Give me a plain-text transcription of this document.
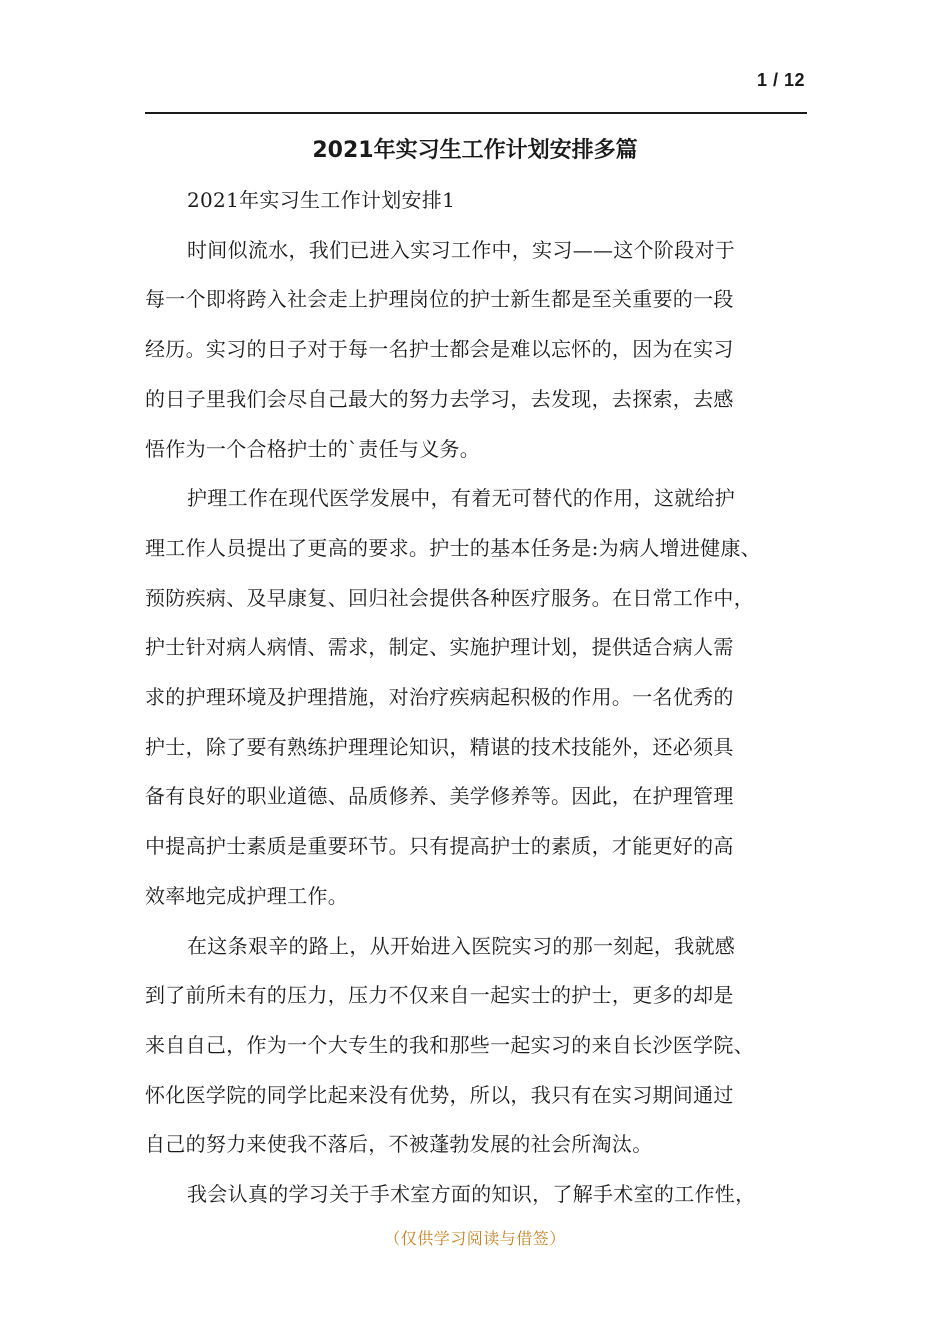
1 / 12
2021年实习生工作计划安排多篇

2021年实习生工作计划安排1

时间似流水，我们已进入实习工作中，实习——这个阶段对于

每一个即将跨入社会走上护理岗位的护士新生都是至关重要的一段

经历。实习的日子对于每一名护士都会是难以忘怀的，因为在实习

的日子里我们会尽自己最大的努力去学习，去发现，去探索，去感

悟作为一个合格护士的`责任与义务。

护理工作在现代医学发展中，有着无可替代的作用，这就给护

理工作人员提出了更高的要求。护士的基本任务是:为病人增进健康、

预防疾病、及早康复、回归社会提供各种医疗服务。在日常工作中，

护士针对病人病情、需求，制定、实施护理计划，提供适合病人需

求的护理环境及护理措施，对治疗疾病起积极的作用。一名优秀的

护士，除了要有熟练护理理论知识，精谌的技术技能外，还必须具

备有良好的职业道德、品质修养、美学修养等。因此，在护理管理

中提高护士素质是重要环节。只有提高护士的素质，才能更好的高

效率地完成护理工作。

在这条艰辛的路上，从开始进入医院实习的那一刻起，我就感

到了前所未有的压力，压力不仅来自一起实士的护士，更多的却是

来自自己，作为一个大专生的我和那些一起实习的来自长沙医学院、

怀化医学院的同学比起来没有优势，所以，我只有在实习期间通过

自己的努力来使我不落后，不被蓬勃发展的社会所淘汰。

我会认真的学习关于手术室方面的知识，了解手术室的工作性，

（仅供学习阅读与借签）
